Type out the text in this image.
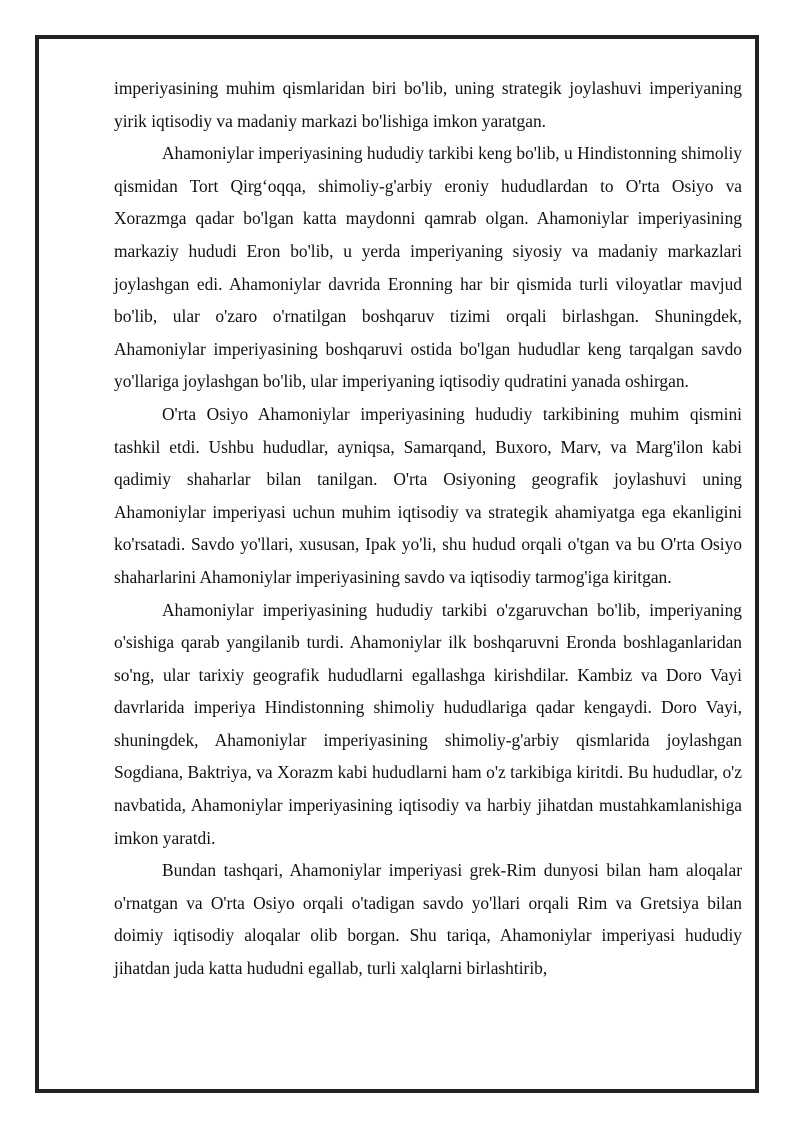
imperiyasining muhim qismlaridan biri bo'lib, uning strategik joylashuvi imperiyaning yirik iqtisodiy va madaniy markazi bo'lishiga imkon yaratgan.

Ahamoniylar imperiyasining hududiy tarkibi keng bo'lib, u Hindistonning shimoliy qismidan Tort Qirg‘oqqa, shimoliy-g'arbiy eroniy hududlardan to O'rta Osiyo va Xorazmga qadar bo'lgan katta maydonni qamrab olgan. Ahamoniylar imperiyasining markaziy hududi Eron bo'lib, u yerda imperiyaning siyosiy va madaniy markazlari joylashgan edi. Ahamoniylar davrida Eronning har bir qismida turli viloyatlar mavjud bo'lib, ular o'zaro o'rnatilgan boshqaruv tizimi orqali birlashgan. Shuningdek, Ahamoniylar imperiyasining boshqaruvi ostida bo'lgan hududlar keng tarqalgan savdo yo'llariga joylashgan bo'lib, ular imperiyaning iqtisodiy qudratini yanada oshirgan.

O'rta Osiyo Ahamoniylar imperiyasining hududiy tarkibining muhim qismini tashkil etdi. Ushbu hududlar, ayniqsa, Samarqand, Buxoro, Marv, va Marg'ilon kabi qadimiy shaharlar bilan tanilgan. O'rta Osiyoning geografik joylashuvi uning Ahamoniylar imperiyasi uchun muhim iqtisodiy va strategik ahamiyatga ega ekanligini ko'rsatadi. Savdo yo'llari, xususan, Ipak yo'li, shu hudud orqali o'tgan va bu O'rta Osiyo shaharlarini Ahamoniylar imperiyasining savdo va iqtisodiy tarmog'iga kiritgan.

Ahamoniylar imperiyasining hududiy tarkibi o'zgaruvchan bo'lib, imperiyaning o'sishiga qarab yangilanib turdi. Ahamoniylar ilk boshqaruvni Eronda boshlaganlaridan so'ng, ular tarixiy geografik hududlarni egallashga kirishdilar. Kambiz va Doro Vayi davrlarida imperiya Hindistonning shimoliy hududlariga qadar kengaydi. Doro Vayi, shuningdek, Ahamoniylar imperiyasining shimoliy-g'arbiy qismlarida joylashgan Sogdiana, Baktriya, va Xorazm kabi hududlarni ham o'z tarkibiga kiritdi. Bu hududlar, o'z navbatida, Ahamoniylar imperiyasining iqtisodiy va harbiy jihatdan mustahkamlanishiga imkon yaratdi.

Bundan tashqari, Ahamoniylar imperiyasi grek-Rim dunyosi bilan ham aloqalar o'rnatgan va O'rta Osiyo orqali o'tadigan savdo yo'llari orqali Rim va Gretsiya bilan doimiy iqtisodiy aloqalar olib borgan. Shu tariqa, Ahamoniylar imperiyasi hududiy jihatdan juda katta hududni egallab, turli xalqlarni birlashtirib,
